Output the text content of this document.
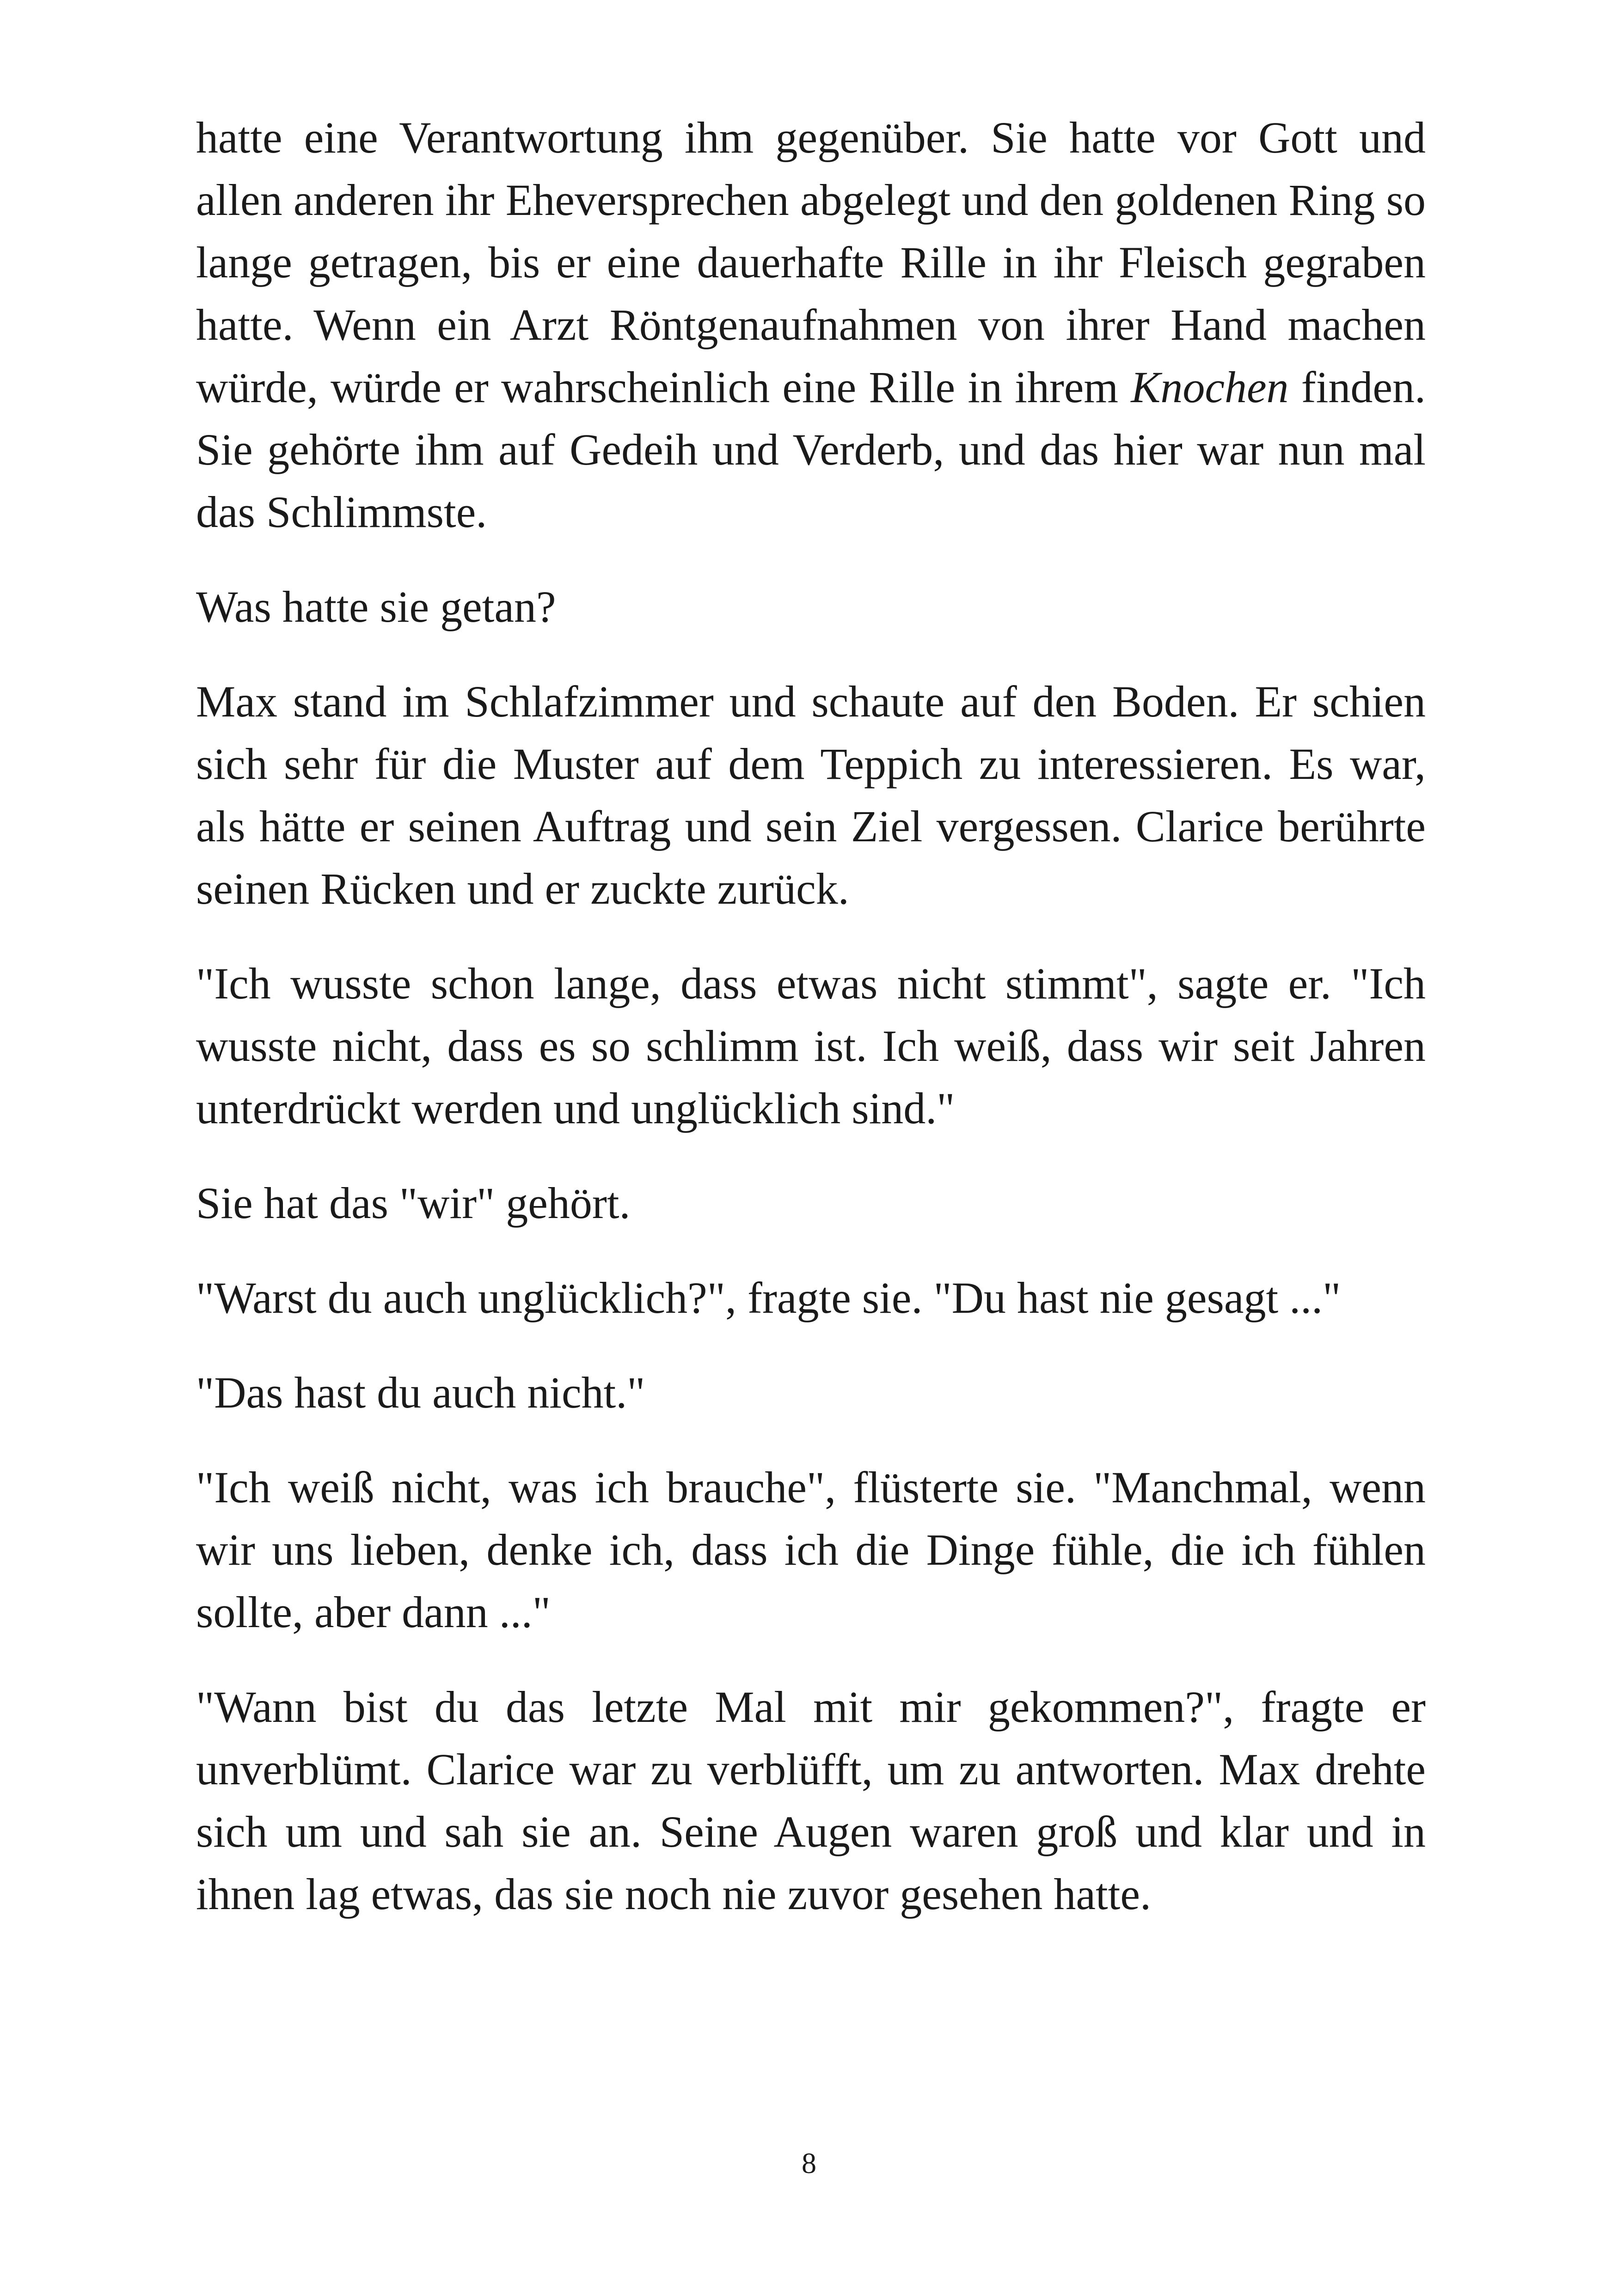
hatte eine Verantwortung ihm gegenüber. Sie hatte vor Gott und allen anderen ihr Eheversprechen abgelegt und den goldenen Ring so lange getragen, bis er eine dauerhafte Rille in ihr Fleisch gegraben hatte. Wenn ein Arzt Röntgenaufnahmen von ihrer Hand machen würde, würde er wahrscheinlich eine Rille in ihrem Knochen finden. Sie gehörte ihm auf Gedeih und Verderb, und das hier war nun mal das Schlimmste.

Was hatte sie getan?

Max stand im Schlafzimmer und schaute auf den Boden. Er schien sich sehr für die Muster auf dem Teppich zu interessieren. Es war, als hätte er seinen Auftrag und sein Ziel vergessen. Clarice berührte seinen Rücken und er zuckte zurück.

"Ich wusste schon lange, dass etwas nicht stimmt", sagte er. "Ich wusste nicht, dass es so schlimm ist. Ich weiß, dass wir seit Jahren unterdrückt werden und unglücklich sind."

Sie hat das "wir" gehört.

"Warst du auch unglücklich?", fragte sie. "Du hast nie gesagt ..."

"Das hast du auch nicht."

"Ich weiß nicht, was ich brauche", flüsterte sie. "Manchmal, wenn wir uns lieben, denke ich, dass ich die Dinge fühle, die ich fühlen sollte, aber dann ..."

"Wann bist du das letzte Mal mit mir gekommen?", fragte er unverblümt. Clarice war zu verblüfft, um zu antworten. Max drehte sich um und sah sie an. Seine Augen waren groß und klar und in ihnen lag etwas, das sie noch nie zuvor gesehen hatte.

8
